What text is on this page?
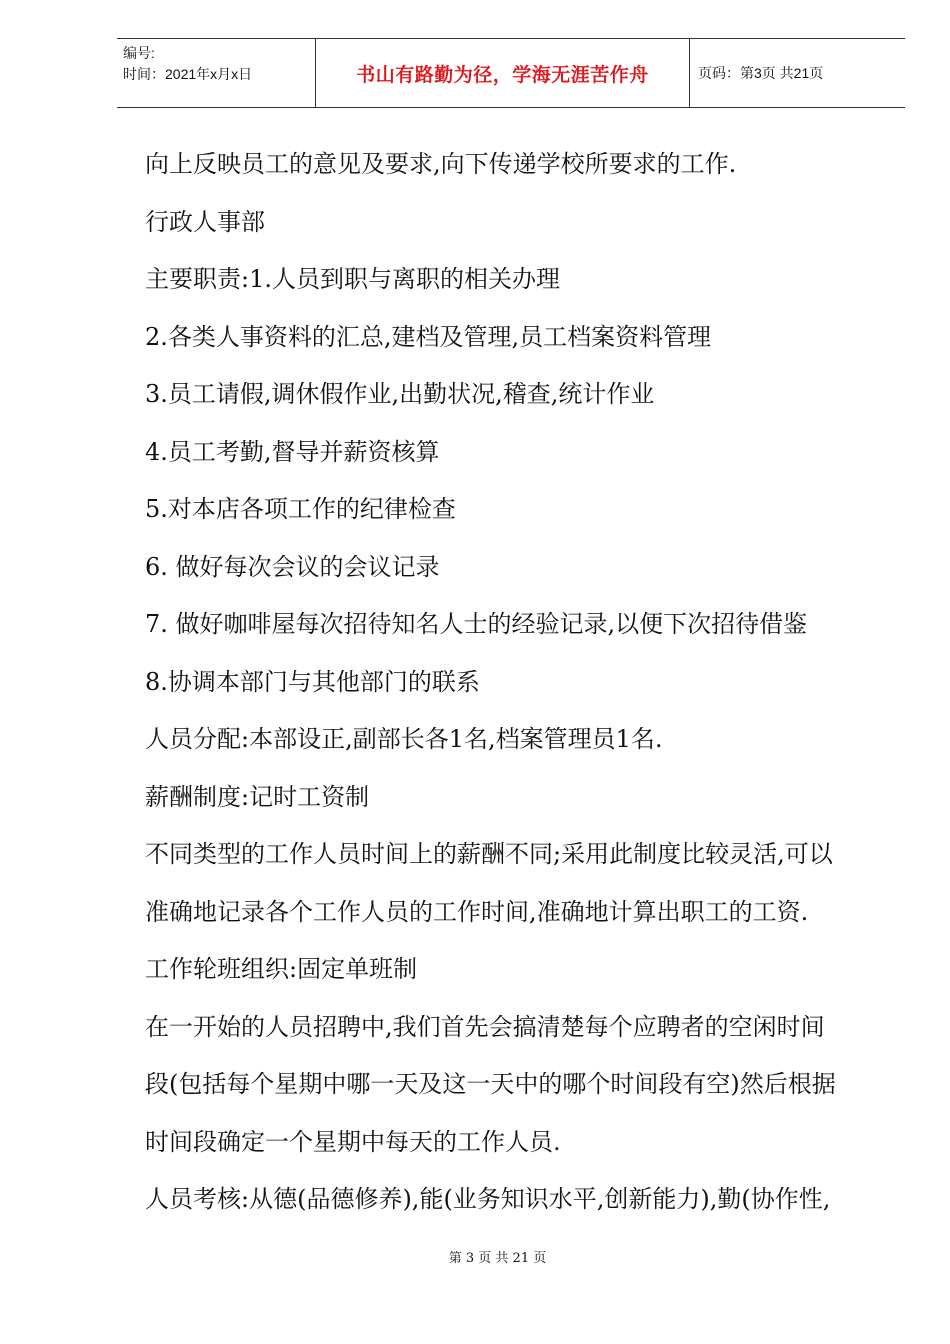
编号:
时间：2021年x月x日	书山有路勤为径，学海无涯苦作舟	页码：第3页 共21页
向上反映员工的意见及要求,向下传递学校所要求的工作.
行政人事部
主要职责:1.人员到职与离职的相关办理
2.各类人事资料的汇总,建档及管理,员工档案资料管理
3.员工请假,调休假作业,出勤状况,稽查,统计作业
4.员工考勤,督导并薪资核算
5.对本店各项工作的纪律检查
6. 做好每次会议的会议记录
7. 做好咖啡屋每次招待知名人士的经验记录,以便下次招待借鉴
8.协调本部门与其他部门的联系
人员分配:本部设正,副部长各1名,档案管理员1名.
薪酬制度:记时工资制
不同类型的工作人员时间上的薪酬不同;采用此制度比较灵活,可以
准确地记录各个工作人员的工作时间,准确地计算出职工的工资.
工作轮班组织:固定单班制
在一开始的人员招聘中,我们首先会搞清楚每个应聘者的空闲时间
段(包括每个星期中哪一天及这一天中的哪个时间段有空)然后根据
时间段确定一个星期中每天的工作人员.
人员考核:从德(品德修养),能(业务知识水平,创新能力),勤(协作性,
第 3 页 共 21 页
